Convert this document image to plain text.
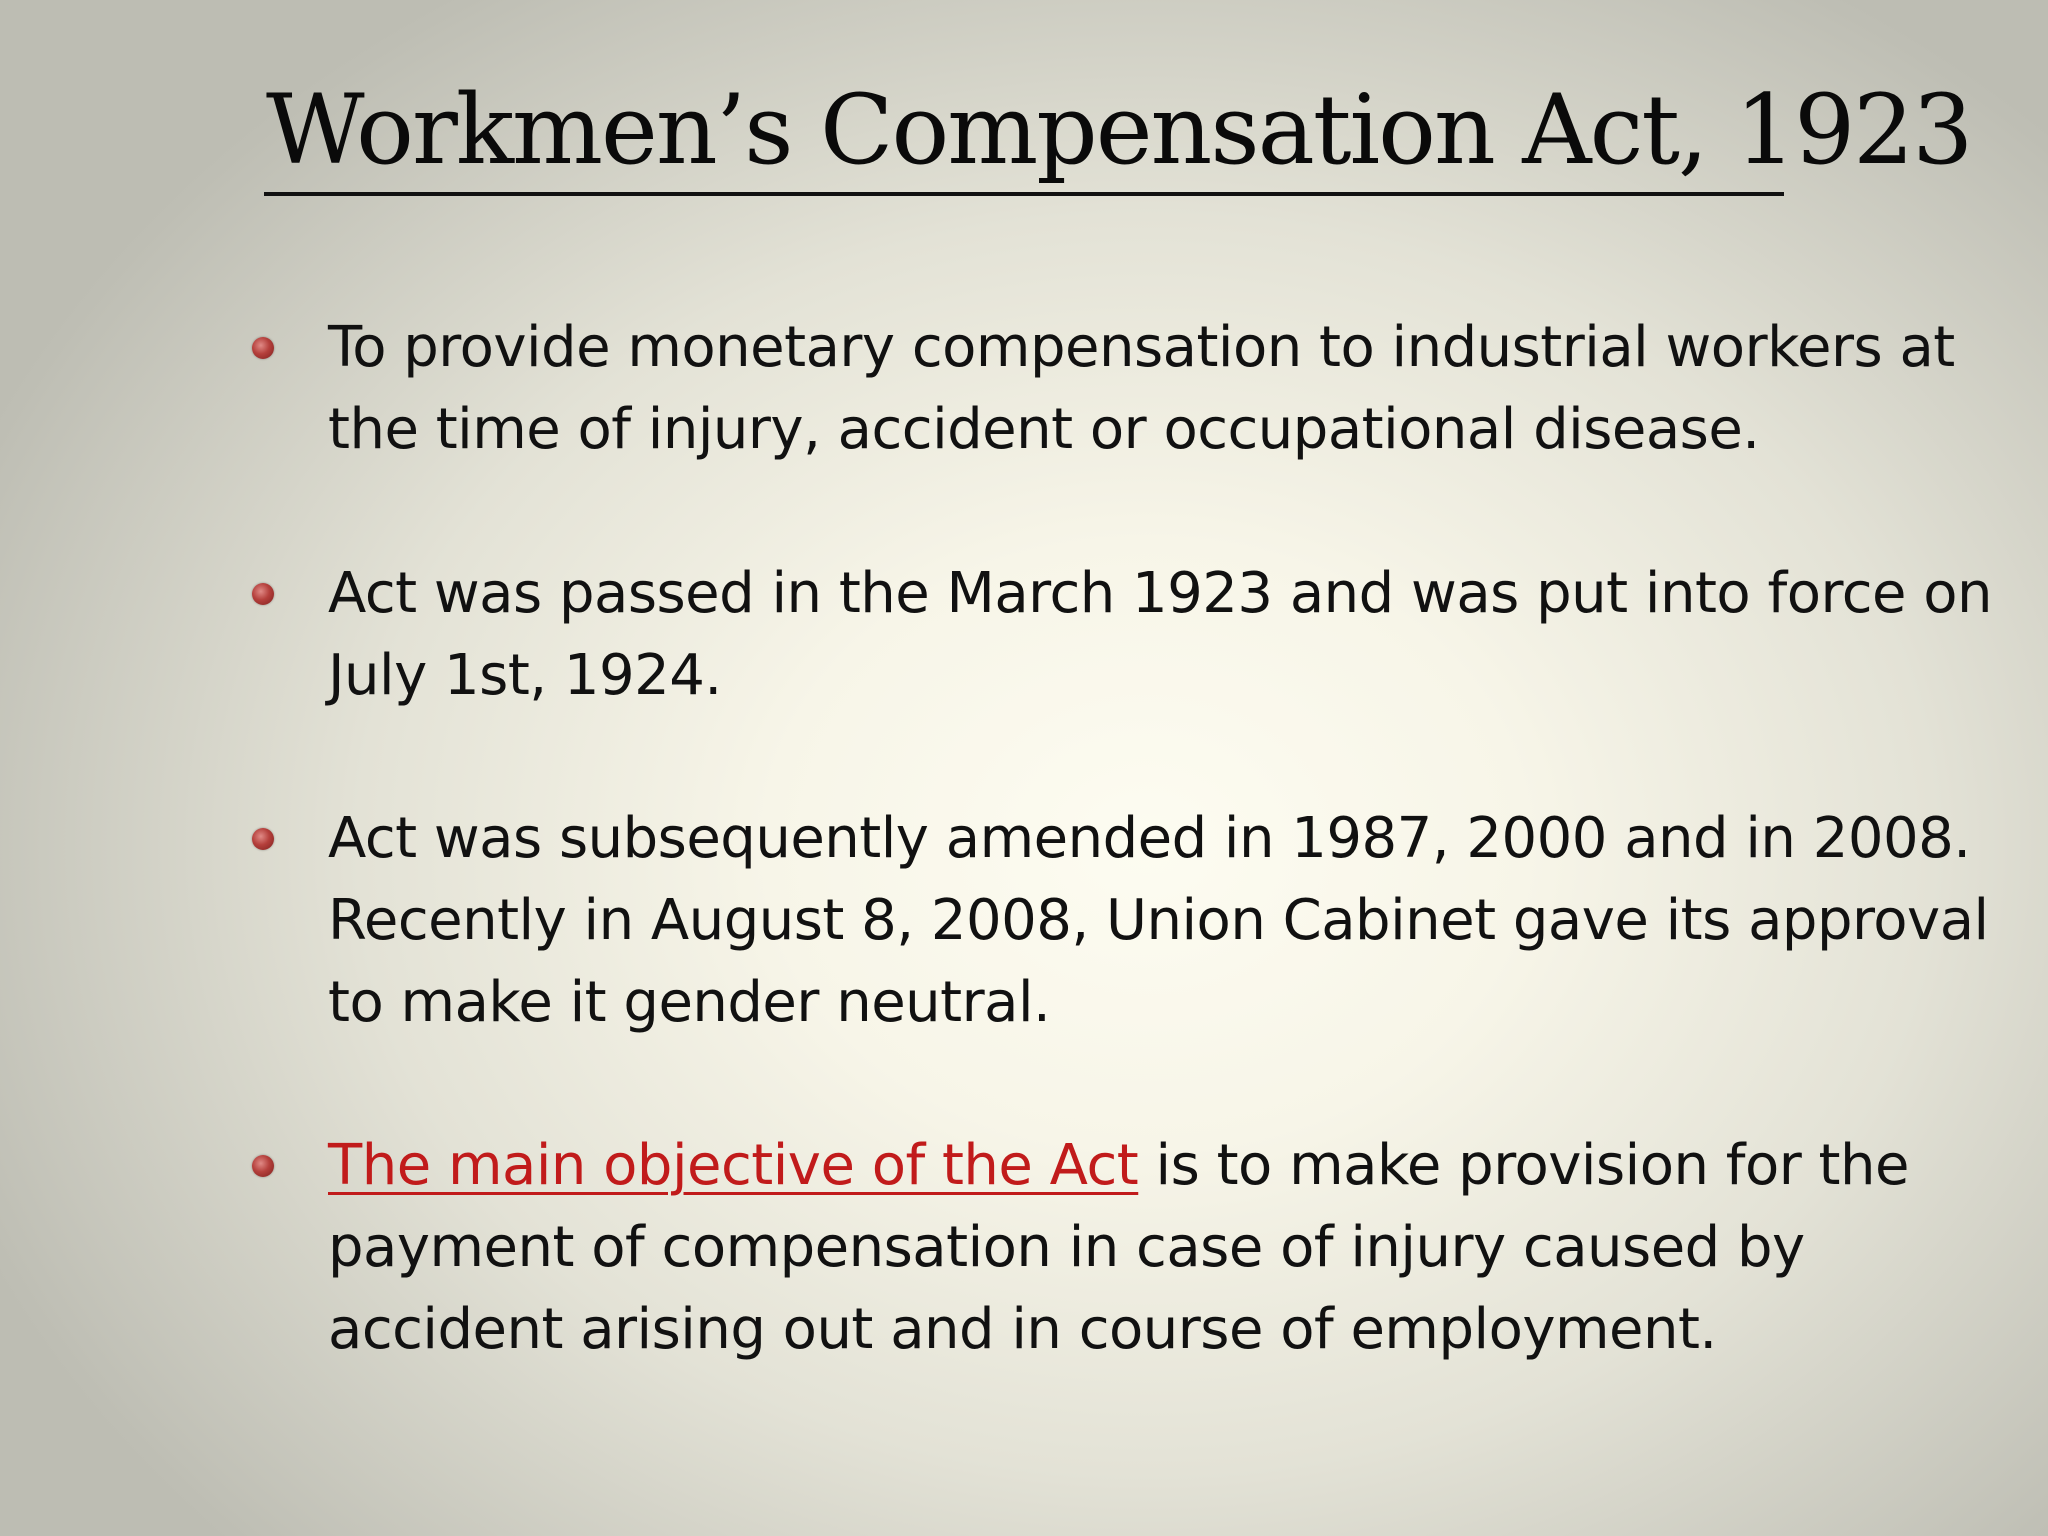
Workmen’s Compensation Act, 1923
To provide monetary compensation to industrial workers at the time of injury, accident or occupational disease.
Act was passed in the March 1923 and was put into force on July 1st, 1924.
Act was subsequently amended in 1987, 2000 and in 2008. Recently in August 8, 2008, Union Cabinet gave its approval to make it gender neutral.
The main objective of the Act is to make provision for the payment of compensation in case of injury caused by accident arising out and in course of employment.
